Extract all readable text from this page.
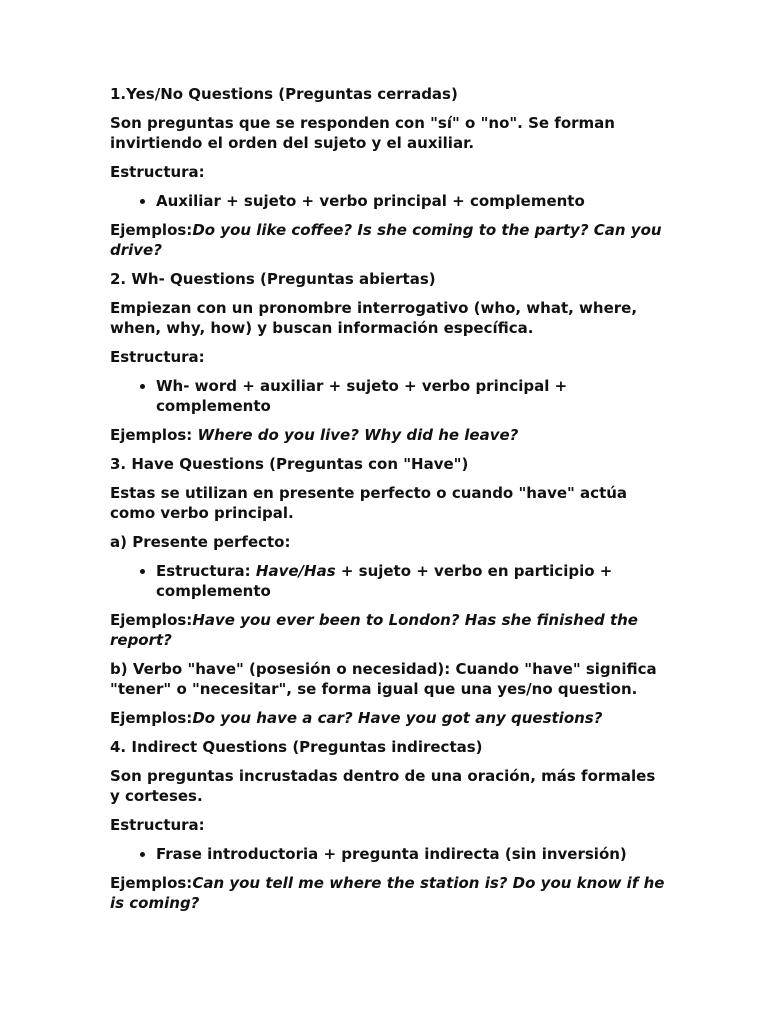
1.Yes/No Questions (Preguntas cerradas)

Son preguntas que se responden con "sí" o "no". Se forman invirtiendo el orden del sujeto y el auxiliar.

Estructura:

• Auxiliar + sujeto + verbo principal + complemento

Ejemplos:Do you like coffee? Is she coming to the party? Can you drive?

2. Wh- Questions (Preguntas abiertas)

Empiezan con un pronombre interrogativo (who, what, where, when, why, how) y buscan información específica.

Estructura:

• Wh- word + auxiliar + sujeto + verbo principal + complemento

Ejemplos: Where do you live? Why did he leave?

3. Have Questions (Preguntas con "Have")

Estas se utilizan en presente perfecto o cuando "have" actúa como verbo principal.

a) Presente perfecto:

• Estructura: Have/Has + sujeto + verbo en participio + complemento

Ejemplos:Have you ever been to London? Has she finished the report?

b) Verbo "have" (posesión o necesidad): Cuando "have" significa "tener" o "necesitar", se forma igual que una yes/no question.

Ejemplos:Do you have a car? Have you got any questions?

4. Indirect Questions (Preguntas indirectas)

Son preguntas incrustadas dentro de una oración, más formales y corteses.

Estructura:

• Frase introductoria + pregunta indirecta (sin inversión)

Ejemplos:Can you tell me where the station is? Do you know if he is coming?
